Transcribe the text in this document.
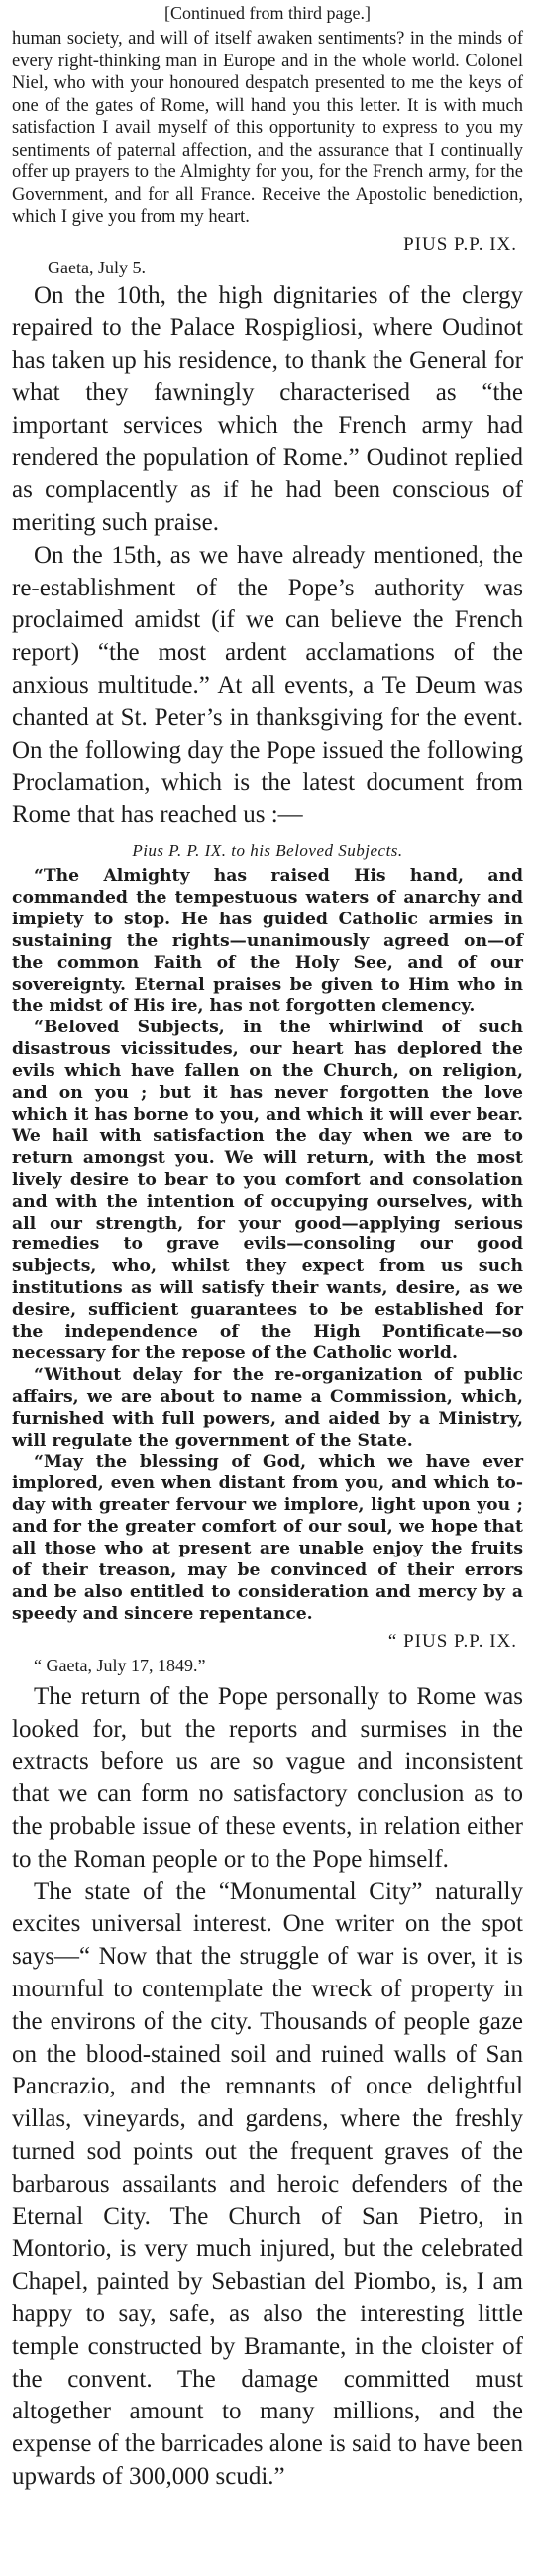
[Continued from third page.]

human society, and will of itself awaken sentiments? in the minds of every right-thinking man in Europe and in the whole world. Colonel Niel, who with your honoured despatch presented to me the keys of one of the gates of Rome, will hand you this letter. It is with much satisfaction I avail myself of this opportunity to express to you my sentiments of paternal affection, and the assurance that I continually offer up prayers to the Almighty for you, for the French army, for the Government, and for all France. Receive the Apostolic benediction, which I give you from my heart.

PIUS P.P. IX.

Gaeta, July 5.

On the 10th, the high dignitaries of the clergy repaired to the Palace Rospigliosi, where Oudinot has taken up his residence, to thank the General for what they fawningly characterised as “the important services which the French army had rendered the population of Rome.” Oudinot replied as complacently as if he had been conscious of meriting such praise.

On the 15th, as we have already mentioned, the re-establishment of the Pope’s authority was proclaimed amidst (if we can believe the French report) “the most ardent acclamations of the anxious multitude.” At all events, a Te Deum was chanted at St. Peter’s in thanksgiving for the event. On the following day the Pope issued the following Proclamation, which is the latest document from Rome that has reached us :—

Pius P. P. IX. to his Beloved Subjects.

“The Almighty has raised His hand, and commanded the tempestuous waters of anarchy and impiety to stop. He has guided Catholic armies in sustaining the rights—unanimously agreed on—of the common Faith of the Holy See, and of our sovereignty. Eternal praises be given to Him who in the midst of His ire, has not forgotten clemency.

“Beloved Subjects, in the whirlwind of such disastrous vicissitudes, our heart has deplored the evils which have fallen on the Church, on religion, and on you ; but it has never forgotten the love which it has borne to you, and which it will ever bear. We hail with satisfaction the day when we are to return amongst you. We will return, with the most lively desire to bear to you comfort and consolation and with the intention of occupying ourselves, with all our strength, for your good—applying serious remedies to grave evils—consoling our good subjects, who, whilst they expect from us such institutions as will satisfy their wants, desire, as we desire, sufficient guarantees to be established for the independence of the High Pontificate—so necessary for the repose of the Catholic world.

“Without delay for the re-organization of public affairs, we are about to name a Commission, which, furnished with full powers, and aided by a Ministry, will regulate the government of the State.

“May the blessing of God, which we have ever implored, even when distant from you, and which to-day with greater fervour we implore, light upon you ; and for the greater comfort of our soul, we hope that all those who at present are unable enjoy the fruits of their treason, may be convinced of their errors and be also entitled to consideration and mercy by a speedy and sincere repentance.

“ PIUS P.P. IX.

“ Gaeta, July 17, 1849.”

The return of the Pope personally to Rome was looked for, but the reports and surmises in the extracts before us are so vague and inconsistent that we can form no satisfactory conclusion as to the probable issue of these events, in relation either to the Roman people or to the Pope himself.

The state of the “Monumental City” naturally excites universal interest. One writer on the spot says—“ Now that the struggle of war is over, it is mournful to contemplate the wreck of property in the environs of the city. Thousands of people gaze on the blood-stained soil and ruined walls of San Pancrazio, and the remnants of once delightful villas, vineyards, and gardens, where the freshly turned sod points out the frequent graves of the barbarous assailants and heroic defenders of the Eternal City. The Church of San Pietro, in Montorio, is very much injured, but the celebrated Chapel, painted by Sebastian del Piombo, is, I am happy to say, safe, as also the interesting little temple constructed by Bramante, in the cloister of the convent. The damage committed must altogether amount to many millions, and the expense of the barricades alone is said to have been upwards of 300,000 scudi.”
